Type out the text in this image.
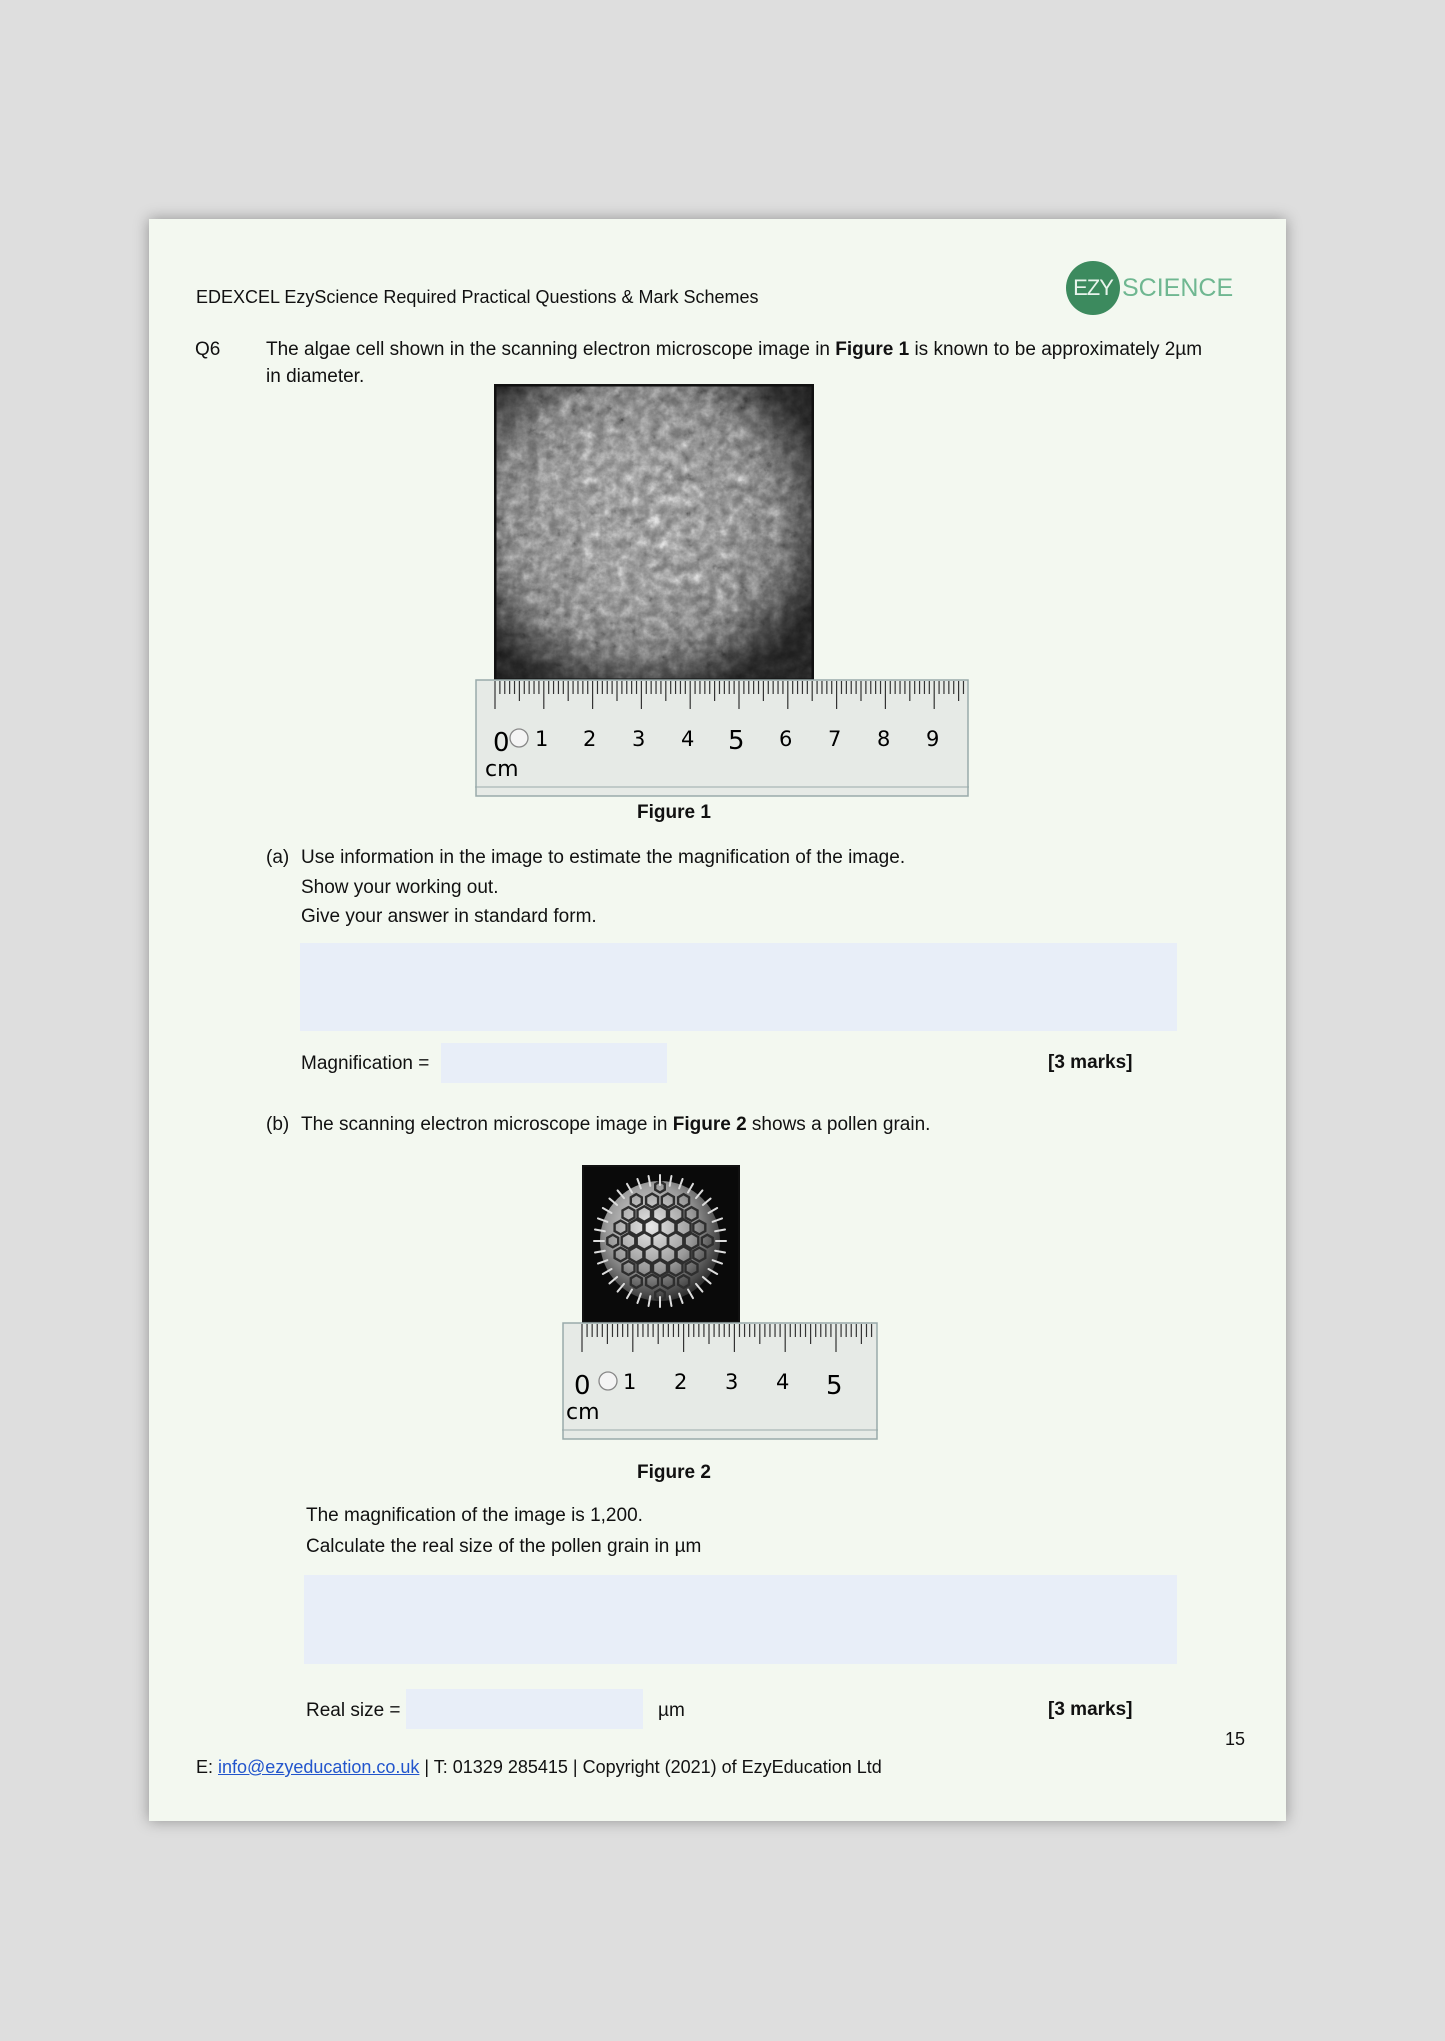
EDEXCEL EzyScience Required Practical Questions & Mark Schemes	EZY SCIENCE
Q6 The algae cell shown in the scanning electron microscope image in Figure 1 is known to be approximately 2µm
in diameter.
0 1 2 3 4 5 6 7 8 9
cm
Figure 1
(a) Use information in the image to estimate the magnification of the image.
Show your working out.
Give your answer in standard form.
Magnification =	[3 marks]
(b) The scanning electron microscope image in Figure 2 shows a pollen grain.
0 1 2 3 4 5
cm
Figure 2
The magnification of the image is 1,200.
Calculate the real size of the pollen grain in µm
Real size =	µm	[3 marks]
15
E: info@ezyeducation.co.uk | T: 01329 285415 | Copyright (2021) of EzyEducation Ltd
